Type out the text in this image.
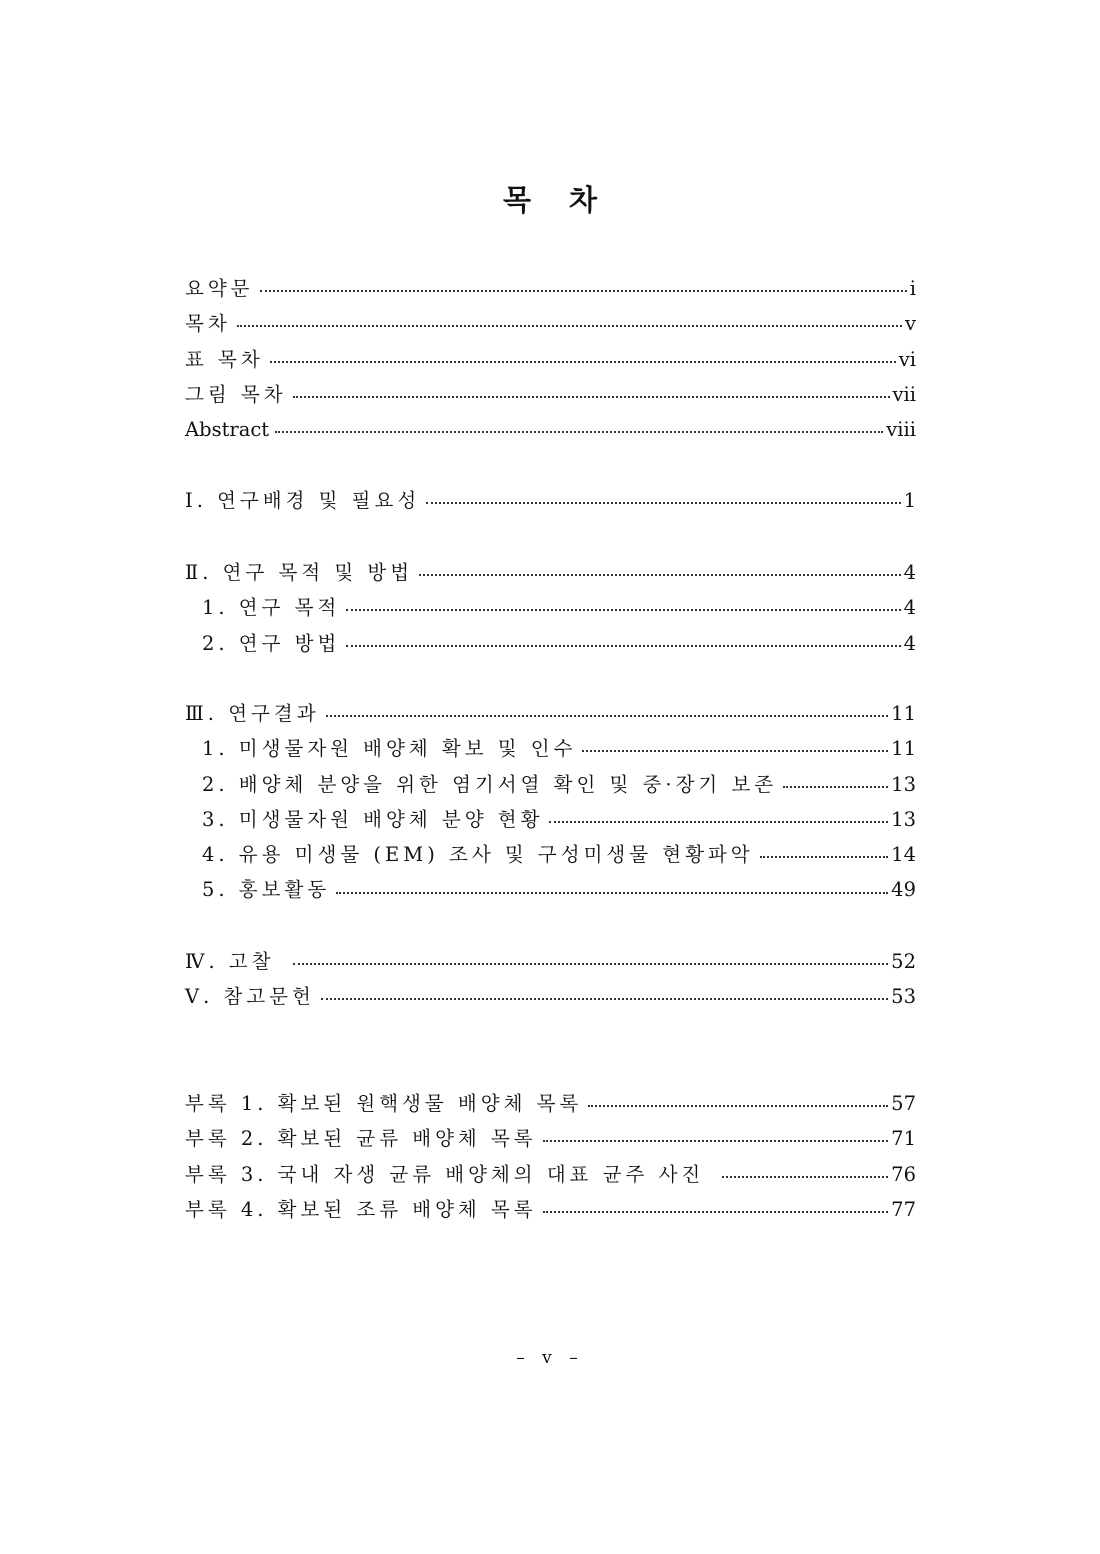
목 차
요약문	i
목차	v
표 목차	vi
그림 목차	vii
Abstract	viii
Ⅰ. 연구배경 및 필요성	1
Ⅱ. 연구 목적 및 방법	4
1. 연구 목적	4
2. 연구 방법	4
Ⅲ. 연구결과	11
1. 미생물자원 배양체 확보 및 인수	11
2. 배양체 분양을 위한 염기서열 확인 및 중·장기 보존	13
3. 미생물자원 배양체 분양 현황	13
4. 유용 미생물 (EM) 조사 및 구성미생물 현황파악	14
5. 홍보활동	49
Ⅳ. 고찰	52
Ⅴ. 참고문헌	53
부록 1. 확보된 원핵생물 배양체 목록	57
부록 2. 확보된 균류 배양체 목록	71
부록 3. 국내 자생 균류 배양체의 대표 균주 사진	76
부록 4. 확보된 조류 배양체 목록	77
– v –
